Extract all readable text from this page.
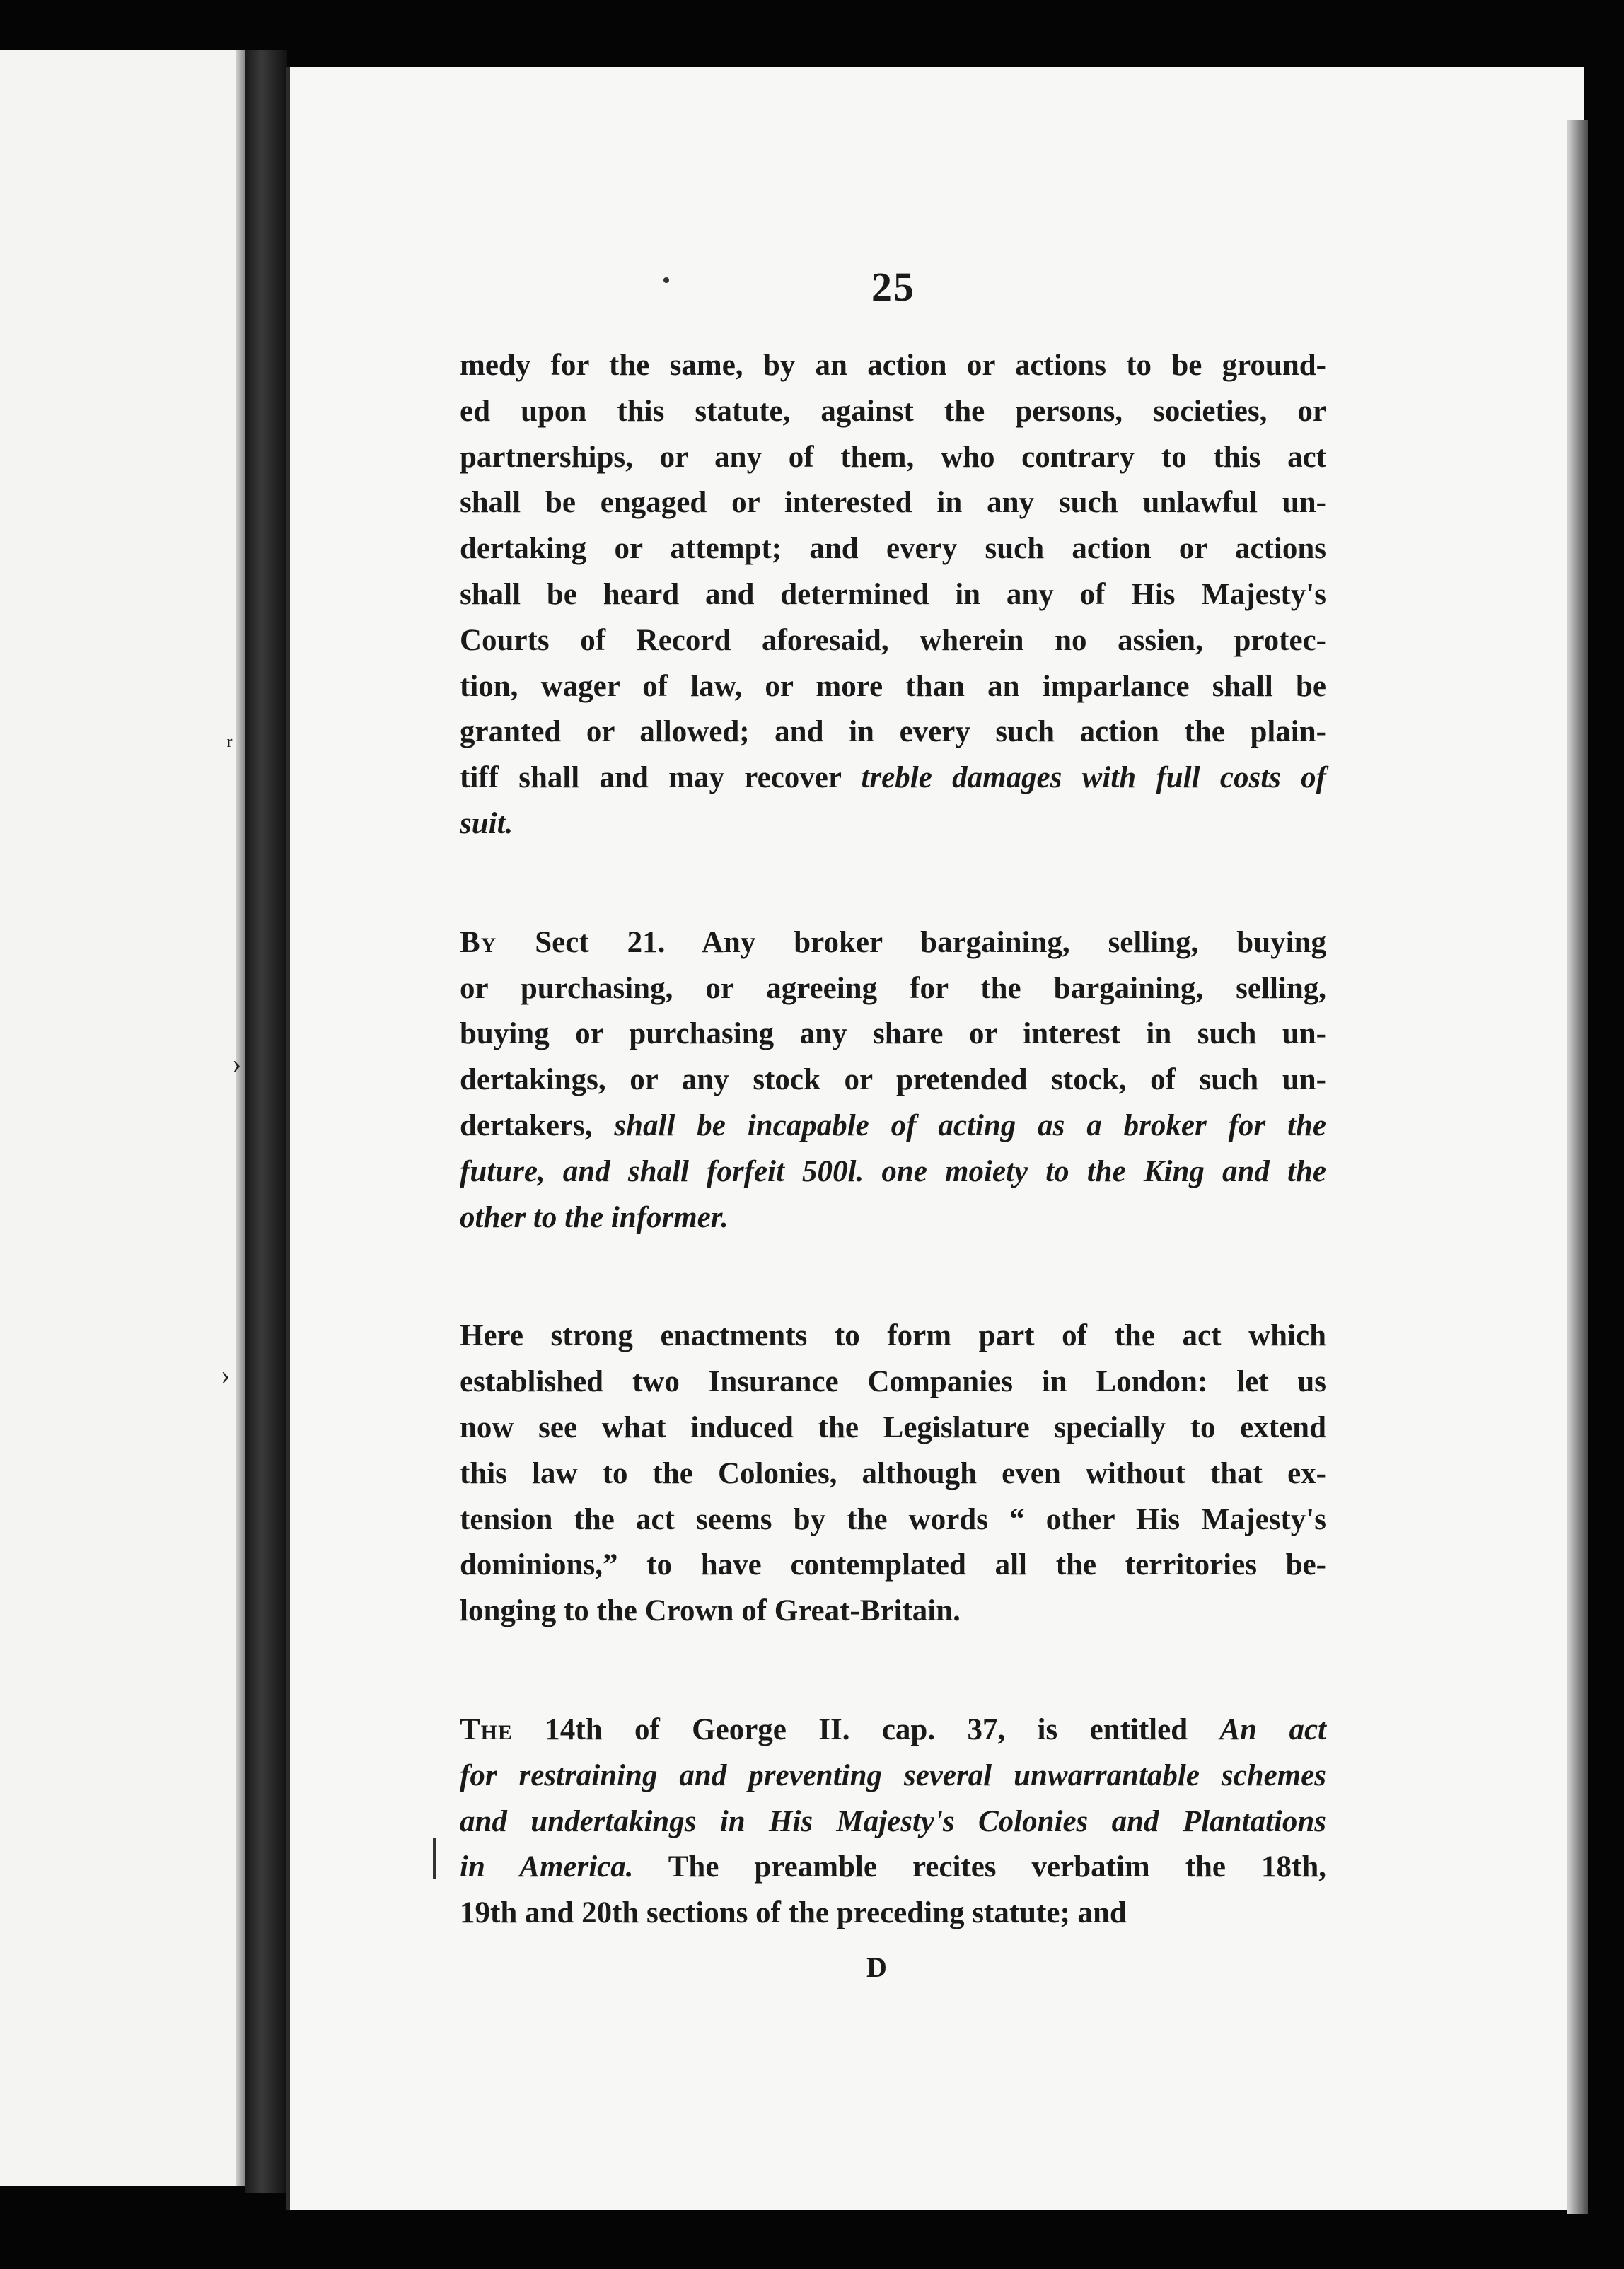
25
medy for the same, by an action or actions to be ground-
ed upon this statute, against the persons, societies, or
partnerships, or any of them, who contrary to this act
shall be engaged or interested in any such unlawful un-
dertaking or attempt; and every such action or actions
shall be heard and determined in any of His Majesty's
Courts of Record aforesaid, wherein no assien, protec-
tion, wager of law, or more than an imparlance shall be
granted or allowed; and in every such action the plain-
tiff shall and may recover treble damages with full costs of
suit.
By Sect 21. Any broker bargaining, selling, buying
or purchasing, or agreeing for the bargaining, selling,
buying or purchasing any share or interest in such un-
dertakings, or any stock or pretended stock, of such un-
dertakers, shall be incapable of acting as a broker for the
future, and shall forfeit 500l. one moiety to the King and the
other to the informer.
Here strong enactments to form part of the act which
established two Insurance Companies in London: let us
now see what induced the Legislature specially to extend
this law to the Colonies, although even without that ex-
tension the act seems by the words “ other His Majesty's
dominions,” to have contemplated all the territories be-
longing to the Crown of Great-Britain.
The 14th of George II. cap. 37, is entitled An act
for restraining and preventing several unwarrantable schemes
and undertakings in His Majesty's Colonies and Plantations
in America. The preamble recites verbatim the 18th,
19th and 20th sections of the preceding statute; and
D
ʳ
›
›
